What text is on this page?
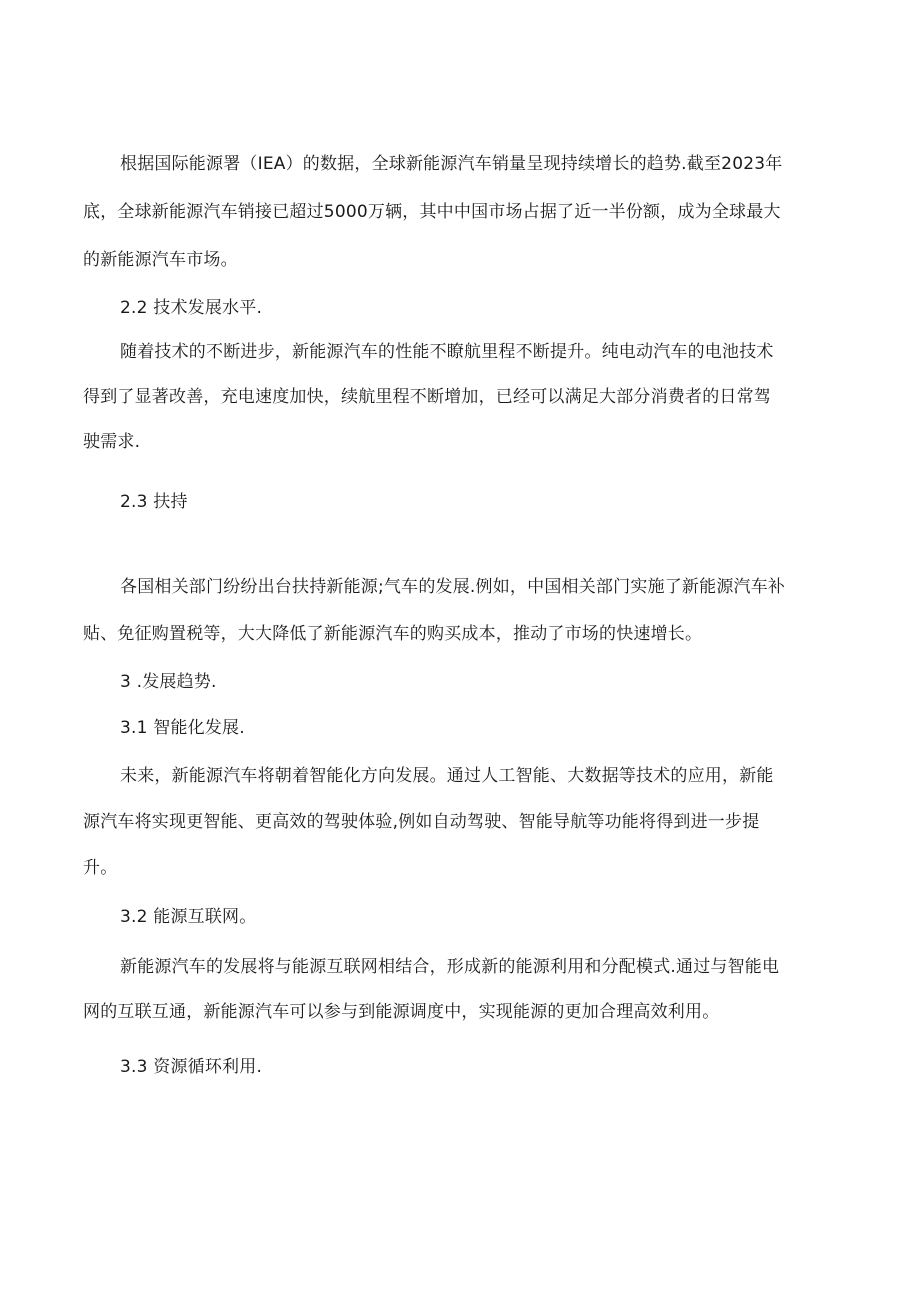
根据国际能源署（IEA）的数据，全球新能源汽车销量呈现持续增长的趋势.截至2023年
底，全球新能源汽车销接已超过5000万辆，其中中国市场占据了近一半份额，成为全球最大
的新能源汽车市场。
2.2 技术发展水平.
随着技术的不断进步，新能源汽车的性能不瞭航里程不断提升。纯电动汽车的电池技术
得到了显著改善，充电速度加快，续航里程不断增加，已经可以满足大部分消费者的日常驾
驶需求.
2.3 扶持
各国相关部门纷纷出台扶持新能源;气车的发展.例如，中国相关部门实施了新能源汽车补
贴、免征购置税等，大大降低了新能源汽车的购买成本，推动了市场的快速增长。
3 .发展趋势.
3.1 智能化发展.
未来，新能源汽车将朝着智能化方向发展。通过人工智能、大数据等技术的应用，新能
源汽车将实现更智能、更高效的驾驶体验,例如自动驾驶、智能导航等功能将得到进一步提
升。
3.2 能源互联网。
新能源汽车的发展将与能源互联网相结合，形成新的能源利用和分配模式.通过与智能电
网的互联互通，新能源汽车可以参与到能源调度中，实现能源的更加合理高效利用。
3.3 资源循环利用.
